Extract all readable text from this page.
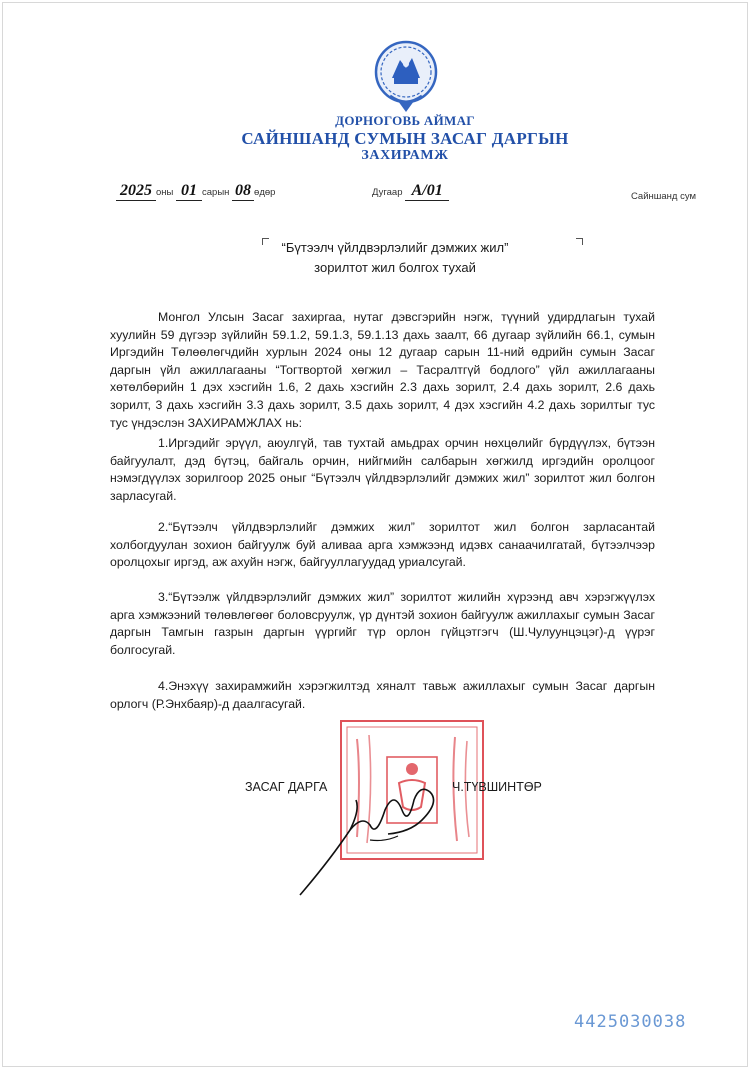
ДОРНОГОВЬ АЙМАГ
САЙНШАНД СУМЫН ЗАСАГ ДАРГЫН
ЗАХИРАМЖ
2025 оны 01 сарын 08 өдөр	Дугаар A/01	Сайншанд сум
“Бүтээлч үйлдвэрлэлийг дэмжих жил”
зорилтот жил болгох тухай
Монгол Улсын Засаг захиргаа, нутаг дэвсгэрийн нэгж, түүний удирдлагын тухай хуулийн 59 дүгээр зүйлийн 59.1.2, 59.1.3, 59.1.13 дахь заалт, 66 дугаар зүйлийн 66.1, сумын Иргэдийн Төлөөлөгчдийн хурлын 2024 оны 12 дугаар сарын 11-ний өдрийн сумын Засаг даргын үйл ажиллагааны “Тогтвортой хөгжил – Тасралтгүй бодлого” үйл ажиллагааны хөтөлбөрийн 1 дэх хэсгийн 1.6, 2 дахь хэсгийн 2.3 дахь зорилт, 2.4 дахь зорилт, 2.6 дахь зорилт, 3 дахь хэсгийн 3.3 дахь зорилт, 3.5 дахь зорилт, 4 дэх хэсгийн 4.2 дахь зорилтыг тус тус үндэслэн ЗАХИРАМЖЛАХ нь:
1.Иргэдийг эрүүл, аюулгүй, тав тухтай амьдрах орчин нөхцөлийг бүрдүүлэх, бүтээн байгуулалт, дэд бүтэц, байгаль орчин, нийгмийн салбарын хөгжилд иргэдийн оролцоог нэмэгдүүлэх зорилгоор 2025 оныг “Бүтээлч үйлдвэрлэлийг дэмжих жил” зорилтот жил болгон зарласугай.
2.“Бүтээлч үйлдвэрлэлийг дэмжих жил” зорилтот жил болгон зарласантай холбогдуулан зохион байгуулж буй аливаа арга хэмжээнд идэвх санаачилгатай, бүтээлчээр оролцохыг иргэд, аж ахуйн нэгж, байгууллагуудад уриалсугай.
3.“Бүтээлж үйлдвэрлэлийг дэмжих жил” зорилтот жилийн хүрээнд авч хэрэгжүүлэх арга хэмжээний төлөвлөгөөг боловсруулж, үр дүнтэй зохион байгуулж ажиллахыг сумын Засаг даргын Тамгын газрын даргын үүргийг түр орлон гүйцэтгэгч (Ш.Чулуунцэцэг)-д үүрэг болгосугай.
4.Энэхүү захирамжийн хэрэгжилтэд хяналт тавьж ажиллахыг сумын Засаг даргын орлогч (Р.Энхбаяр)-д даалгасугай.
ЗАСАГ ДАРГА	Ч.ТҮВШИНТӨР
4425030038
